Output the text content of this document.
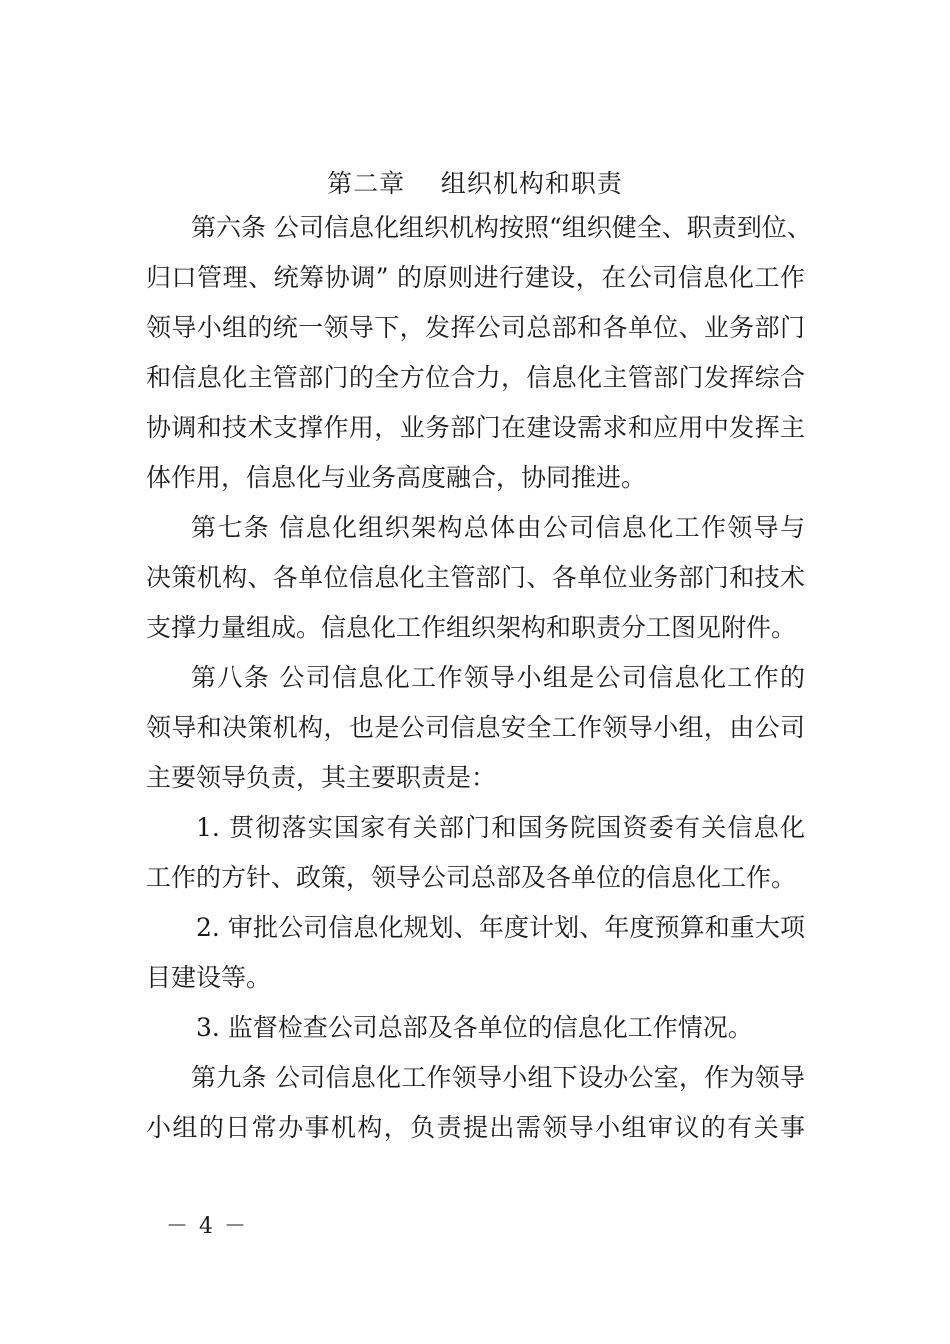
第二章    组织机构和职责
第六条 公司信息化组织机构按照“组织健全、职责到位、
归口管理、统筹协调” 的原则进行建设，在公司信息化工作
领导小组的统一领导下，发挥公司总部和各单位、业务部门
和信息化主管部门的全方位合力，信息化主管部门发挥综合
协调和技术支撑作用，业务部门在建设需求和应用中发挥主
体作用，信息化与业务高度融合，协同推进。
第七条 信息化组织架构总体由公司信息化工作领导与
决策机构、各单位信息化主管部门、各单位业务部门和技术
支撑力量组成。信息化工作组织架构和职责分工图见附件。
第八条 公司信息化工作领导小组是公司信息化工作的
领导和决策机构，也是公司信息安全工作领导小组，由公司
主要领导负责，其主要职责是：
1. 贯彻落实国家有关部门和国务院国资委有关信息化
工作的方针、政策，领导公司总部及各单位的信息化工作。
2. 审批公司信息化规划、年度计划、年度预算和重大项
目建设等。
3. 监督检查公司总部及各单位的信息化工作情况。
第九条 公司信息化工作领导小组下设办公室，作为领导
小组的日常办事机构，负责提出需领导小组审议的有关事
－ 4 －
